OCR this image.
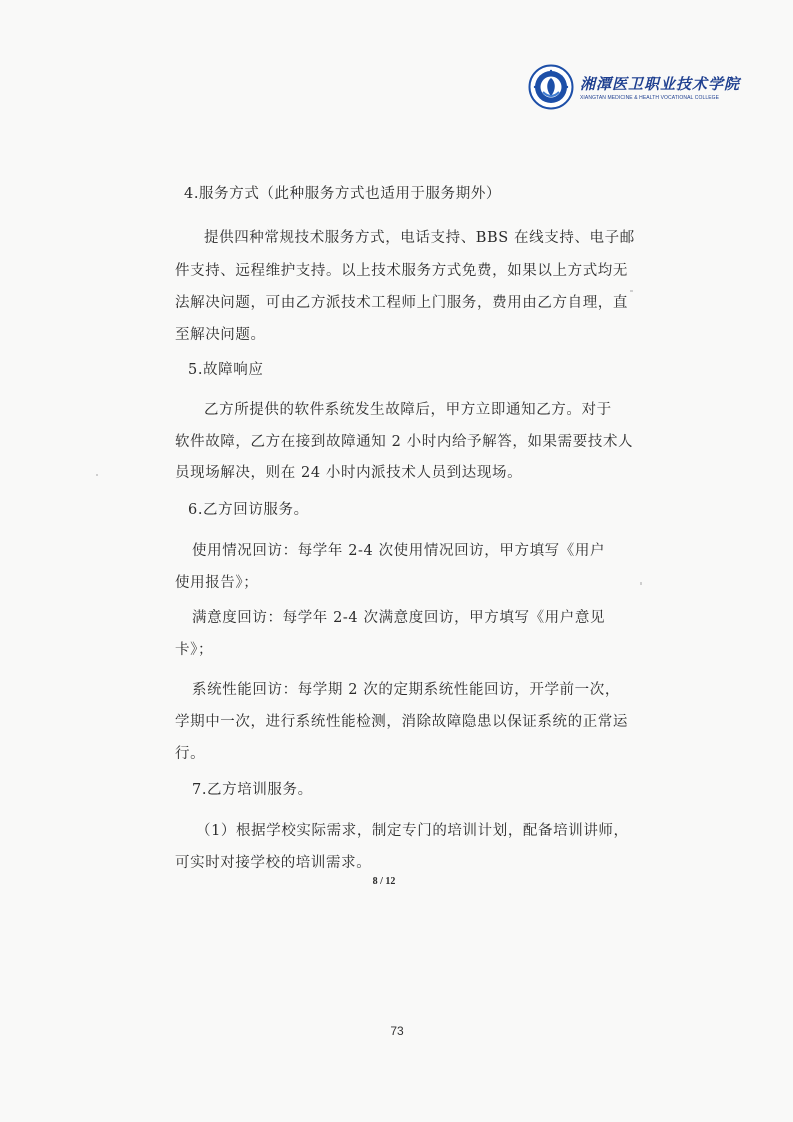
湘潭医卫职业技术学院
XIANGTAN MEDICINE & HEALTH VOCATIONAL COLLEGE
4.服务方式（此种服务方式也适用于服务期外）
提供四种常规技术服务方式，电话支持、BBS 在线支持、电子邮
件支持、远程维护支持。以上技术服务方式免费，如果以上方式均无
法解决问题，可由乙方派技术工程师上门服务，费用由乙方自理，直
至解决问题。
5.故障响应
乙方所提供的软件系统发生故障后，甲方立即通知乙方。对于
软件故障，乙方在接到故障通知 2 小时内给予解答，如果需要技术人
员现场解决，则在 24 小时内派技术人员到达现场。
6.乙方回访服务。
使用情况回访：每学年 2-4 次使用情况回访，甲方填写《用户
使用报告》；
满意度回访：每学年 2-4 次满意度回访，甲方填写《用户意见
卡》；
系统性能回访：每学期 2 次的定期系统性能回访，开学前一次，
学期中一次，进行系统性能检测，消除故障隐患以保证系统的正常运
行。
7.乙方培训服务。
（1）根据学校实际需求，制定专门的培训计划，配备培训讲师，
可实时对接学校的培训需求。
8 / 12
73
